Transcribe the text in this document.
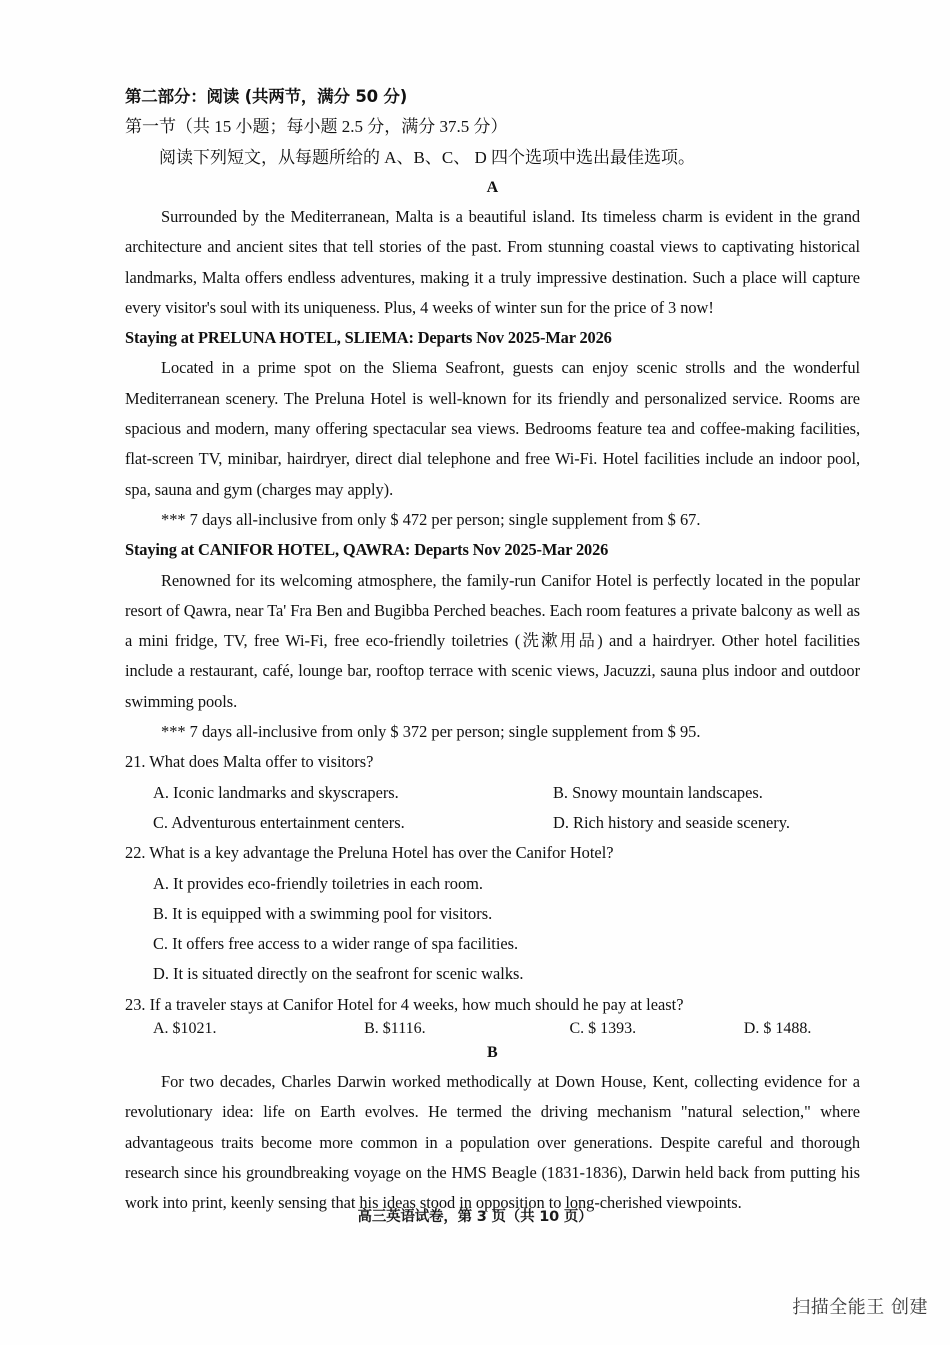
第二部分：阅读 (共两节，满分 50 分)

第一节（共 15 小题；每小题 2.5 分，满分 37.5 分）

阅读下列短文，从每题所给的 A、B、C、 D 四个选项中选出最佳选项。

A

Surrounded by the Mediterranean, Malta is a beautiful island. Its timeless charm is evident in the grand architecture and ancient sites that tell stories of the past. From stunning coastal views to captivating historical landmarks, Malta offers endless adventures, making it a truly impressive destination. Such a place will capture every visitor's soul with its uniqueness. Plus, 4 weeks of winter sun for the price of 3 now!

Staying at PRELUNA HOTEL, SLIEMA: Departs Nov 2025-Mar 2026

Located in a prime spot on the Sliema Seafront, guests can enjoy scenic strolls and the wonderful Mediterranean scenery. The Preluna Hotel is well-known for its friendly and personalized service. Rooms are spacious and modern, many offering spectacular sea views. Bedrooms feature tea and coffee-making facilities, flat-screen TV, minibar, hairdryer, direct dial telephone and free Wi-Fi. Hotel facilities include an indoor pool, spa, sauna and gym (charges may apply).

*** 7 days all-inclusive from only $ 472 per person; single supplement from $ 67.

Staying at CANIFOR HOTEL, QAWRA: Departs Nov 2025-Mar 2026

Renowned for its welcoming atmosphere, the family-run Canifor Hotel is perfectly located in the popular resort of Qawra, near Ta' Fra Ben and Bugibba Perched beaches. Each room features a private balcony as well as a mini fridge, TV, free Wi-Fi, free eco-friendly toiletries (洗漱用品) and a hairdryer. Other hotel facilities include a restaurant, café, lounge bar, rooftop terrace with scenic views, Jacuzzi, sauna plus indoor and outdoor swimming pools.

*** 7 days all-inclusive from only $ 372 per person; single supplement from $ 95.

21. What does Malta offer to visitors?

A. Iconic landmarks and skyscrapers.	B. Snowy mountain landscapes.
C. Adventurous entertainment centers.	D. Rich history and seaside scenery.

22. What is a key advantage the Preluna Hotel has over the Canifor Hotel?

A. It provides eco-friendly toiletries in each room.

B. It is equipped with a swimming pool for visitors.

C. It offers free access to a wider range of spa facilities.

D. It is situated directly on the seafront for scenic walks.

23. If a traveler stays at Canifor Hotel for 4 weeks, how much should he pay at least?

A. $1021.	B. $1116.	C. $ 1393.	D. $ 1488.

B

For two decades, Charles Darwin worked methodically at Down House, Kent, collecting evidence for a revolutionary idea: life on Earth evolves. He termed the driving mechanism "natural selection," where advantageous traits become more common in a population over generations. Despite careful and thorough research since his groundbreaking voyage on the HMS Beagle (1831-1836), Darwin held back from putting his work into print, keenly sensing that his ideas stood in opposition to long-cherished viewpoints.

高三英语试卷，第 3 页（共 10 页）
扫描全能王 创建
